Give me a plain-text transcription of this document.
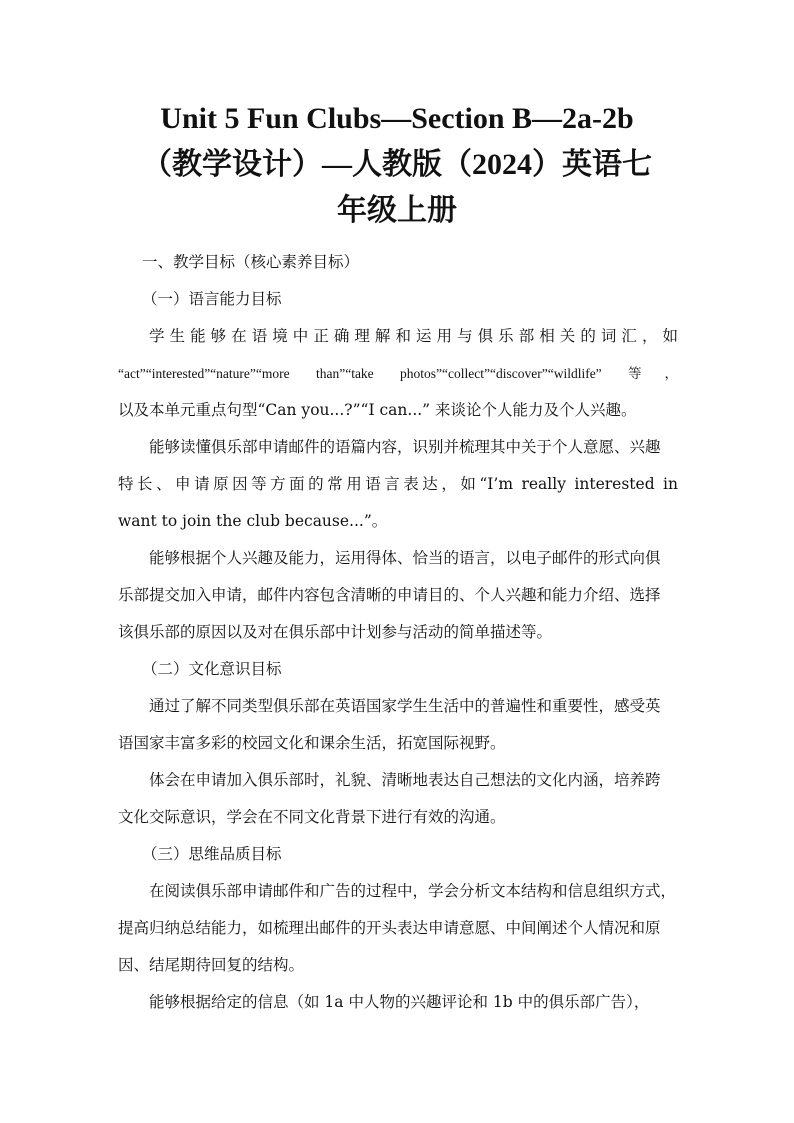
Unit 5 Fun Clubs—Section B—2a-2b
（教学设计）—人教版（2024）英语七
年级上册
一、教学目标（核心素养目标）
（一）语言能力目标
学生能够在语境中正确理解和运用与俱乐部相关的词汇，如
“act”“interested”“nature”“more than”“take photos”“collect”“discover”“wildlife” 等，
以及本单元重点句型“Can you...?”“I can...” 来谈论个人能力及个人兴趣。
能够读懂俱乐部申请邮件的语篇内容，识别并梳理其中关于个人意愿、兴趣
特长、申请原因等方面的常用语言表达，如“I’m really interested in
want to join the club because...”。
能够根据个人兴趣及能力，运用得体、恰当的语言，以电子邮件的形式向俱
乐部提交加入申请，邮件内容包含清晰的申请目的、个人兴趣和能力介绍、选择
该俱乐部的原因以及对在俱乐部中计划参与活动的简单描述等。
（二）文化意识目标
通过了解不同类型俱乐部在英语国家学生生活中的普遍性和重要性，感受英
语国家丰富多彩的校园文化和课余生活，拓宽国际视野。
体会在申请加入俱乐部时，礼貌、清晰地表达自己想法的文化内涵，培养跨
文化交际意识，学会在不同文化背景下进行有效的沟通。
（三）思维品质目标
在阅读俱乐部申请邮件和广告的过程中，学会分析文本结构和信息组织方式，
提高归纳总结能力，如梳理出邮件的开头表达申请意愿、中间阐述个人情况和原
因、结尾期待回复的结构。
能够根据给定的信息（如 1a 中人物的兴趣评论和 1b 中的俱乐部广告），
